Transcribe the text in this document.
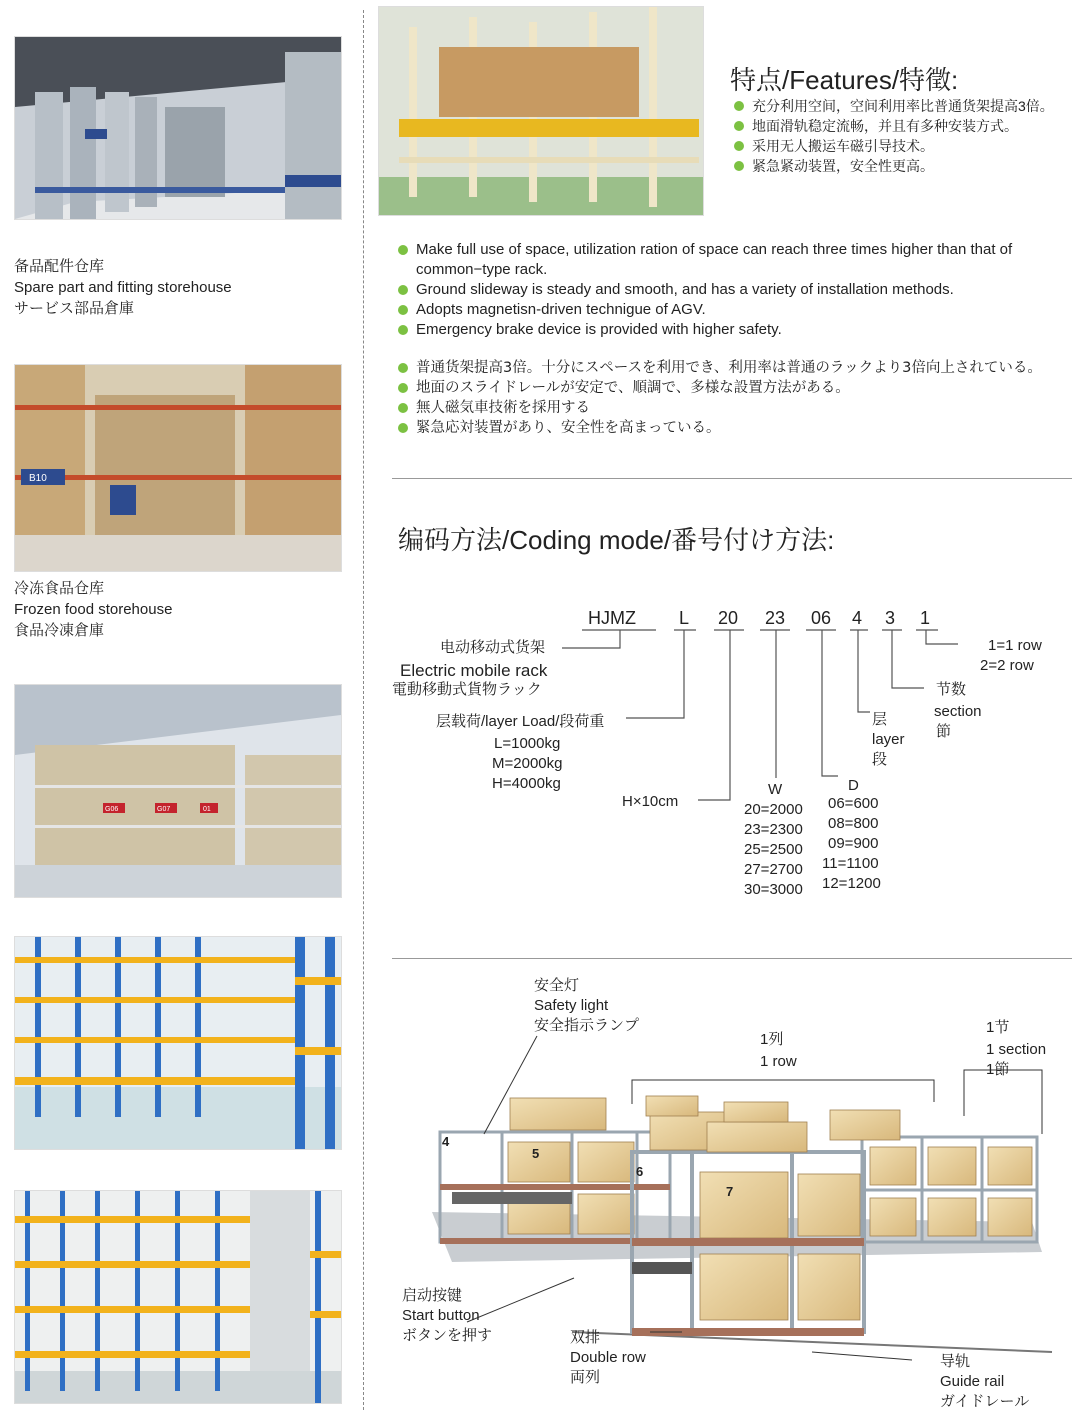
备品配件仓库
Spare part and fitting storehouse
サービス部品倉庫
B10
冷冻食品仓库
Frozen food storehouse
食品冷凍倉庫
G06	G07	01
特点/Features/特徵:
充分利用空间，空间利用率比普通货架提高3倍。
地面滑轨稳定流畅，并且有多种安装方式。
采用无人搬运车磁引导技术。
紧急紧动装置，安全性更高。
Make full use of space, utilization ration of space can reach three times higher than that of common−type rack.
Ground slideway is steady and smooth, and has a variety of installation methods.
Adopts magnetisn-driven technigue of AGV.
Emergency brake device is provided with higher safety.
普通货架提高3倍。十分にスペースを利用でき、利用率は普通のラックより3倍向上されている。
地面のスライドレールが安定で、順調で、多様な設置方法がある。
無人磁気車技術を採用する
緊急応対装置があり、安全性を高まっている。
编码方法/Coding mode/番号付け方法:
HJMZ L 20 23 06 4 3 1
1=1 row
2=2 row
节数
section
節
层
layer
段
电动移动式货架
Electric mobile rack
電動移動式貨物ラック
层载荷/layer Load/段荷重
L=1000kg
M=2000kg
H=4000kg
H×10cm
W
20=2000
23=2300
25=2500
27=2700
30=3000
D
06=600
08=800
09=900
11=1100
12=1200
4
5
6
7
安全灯
Safety light
安全指示ランプ
1列
1 row
1节
1 section
1節
启动按键
Start button
ボタンを押す	双排
Double row
両列
导轨
Guide rail
ガイドレール
